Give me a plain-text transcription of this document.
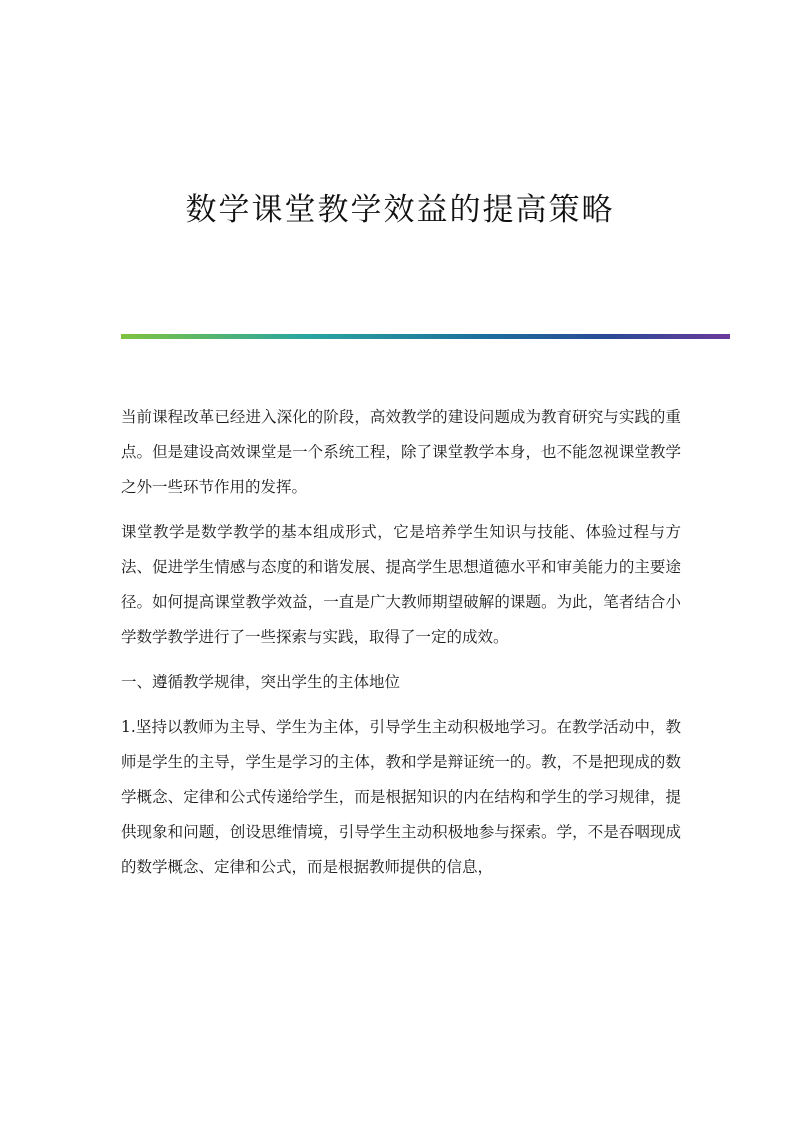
数学课堂教学效益的提高策略

当前课程改革已经进入深化的阶段，高效教学的建设问题成为教育研究与实践的重点。但是建设高效课堂是一个系统工程，除了课堂教学本身，也不能忽视课堂教学之外一些环节作用的发挥。

课堂教学是数学教学的基本组成形式，它是培养学生知识与技能、体验过程与方法、促进学生情感与态度的和谐发展、提高学生思想道德水平和审美能力的主要途径。如何提高课堂教学效益，一直是广大教师期望破解的课题。为此，笔者结合小学数学教学进行了一些探索与实践，取得了一定的成效。

一、遵循教学规律，突出学生的主体地位

1.坚持以教师为主导、学生为主体，引导学生主动积极地学习。在教学活动中，教师是学生的主导，学生是学习的主体，教和学是辩证统一的。教，不是把现成的数学概念、定律和公式传递给学生，而是根据知识的内在结构和学生的学习规律，提供现象和问题，创设思维情境，引导学生主动积极地参与探索。学，不是吞咽现成的数学概念、定律和公式，而是根据教师提供的信息，
